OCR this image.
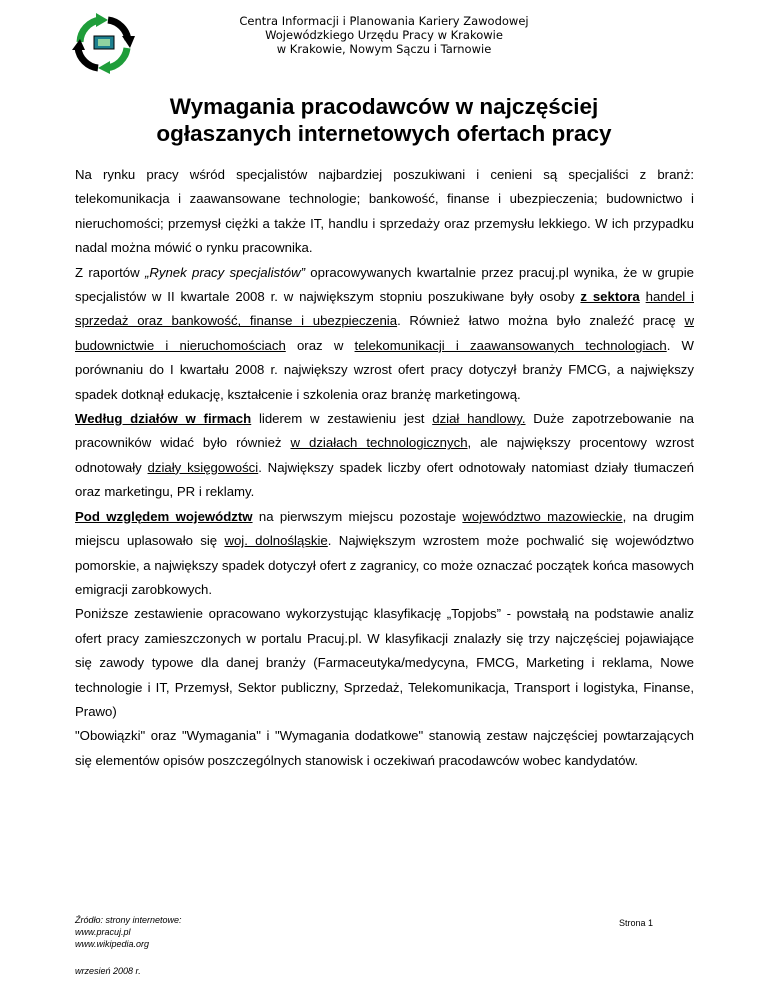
Centra Informacji i Planowania Kariery Zawodowej
Wojewódzkiego Urzędu Pracy w Krakowie
w Krakowie, Nowym Sączu i Tarnowie
Wymagania pracodawców w najczęściej
ogłaszanych internetowych ofertach pracy

Na rynku pracy wśród specjalistów najbardziej poszukiwani i cenieni są specjaliści z branż: telekomunikacja i zaawansowane technologie; bankowość, finanse i ubezpieczenia; budownictwo i nieruchomości; przemysł ciężki a także IT, handlu i sprzedaży oraz przemysłu lekkiego. W ich przypadku nadal można mówić o rynku pracownika.

Z raportów „Rynek pracy specjalistów” opracowywanych kwartalnie przez pracuj.pl wynika, że w grupie specjalistów w II kwartale 2008 r. w największym stopniu poszukiwane były osoby z sektora handel i sprzedaż oraz bankowość, finanse i ubezpieczenia. Również łatwo można było znaleźć pracę w budownictwie i nieruchomościach oraz w telekomunikacji i zaawansowanych technologiach. W porównaniu do I kwartału 2008 r. największy wzrost ofert pracy dotyczył branży FMCG, a największy spadek dotknął edukację, kształcenie i szkolenia oraz branżę marketingową.

Według działów w firmach liderem w zestawieniu jest dział handlowy. Duże zapotrzebowanie na pracowników widać było również w działach technologicznych, ale największy procentowy wzrost odnotowały działy księgowości. Największy spadek liczby ofert odnotowały natomiast działy tłumaczeń oraz marketingu, PR i reklamy.

Pod względem województw na pierwszym miejscu pozostaje województwo mazowieckie, na drugim miejscu uplasowało się woj. dolnośląskie. Największym wzrostem może pochwalić się województwo pomorskie, a największy spadek dotyczył ofert z zagranicy, co może oznaczać początek końca masowych emigracji zarobkowych.

Poniższe zestawienie opracowano wykorzystując klasyfikację „Topjobs” - powstałą na podstawie analiz ofert pracy zamieszczonych w portalu Pracuj.pl. W klasyfikacji znalazły się trzy najczęściej pojawiające się zawody typowe dla danej branży (Farmaceutyka/medycyna, FMCG, Marketing i reklama, Nowe technologie i IT, Przemysł, Sektor publiczny, Sprzedaż, Telekomunikacja, Transport i logistyka, Finanse, Prawo)

"Obowiązki" oraz "Wymagania" i "Wymagania dodatkowe" stanowią zestaw najczęściej powtarzających się elementów opisów poszczególnych stanowisk i oczekiwań pracodawców wobec kandydatów.

Źródło: strony internetowe:
www.pracuj.pl
www.wikipedia.org
wrzesień 2008 r.
Strona 1
